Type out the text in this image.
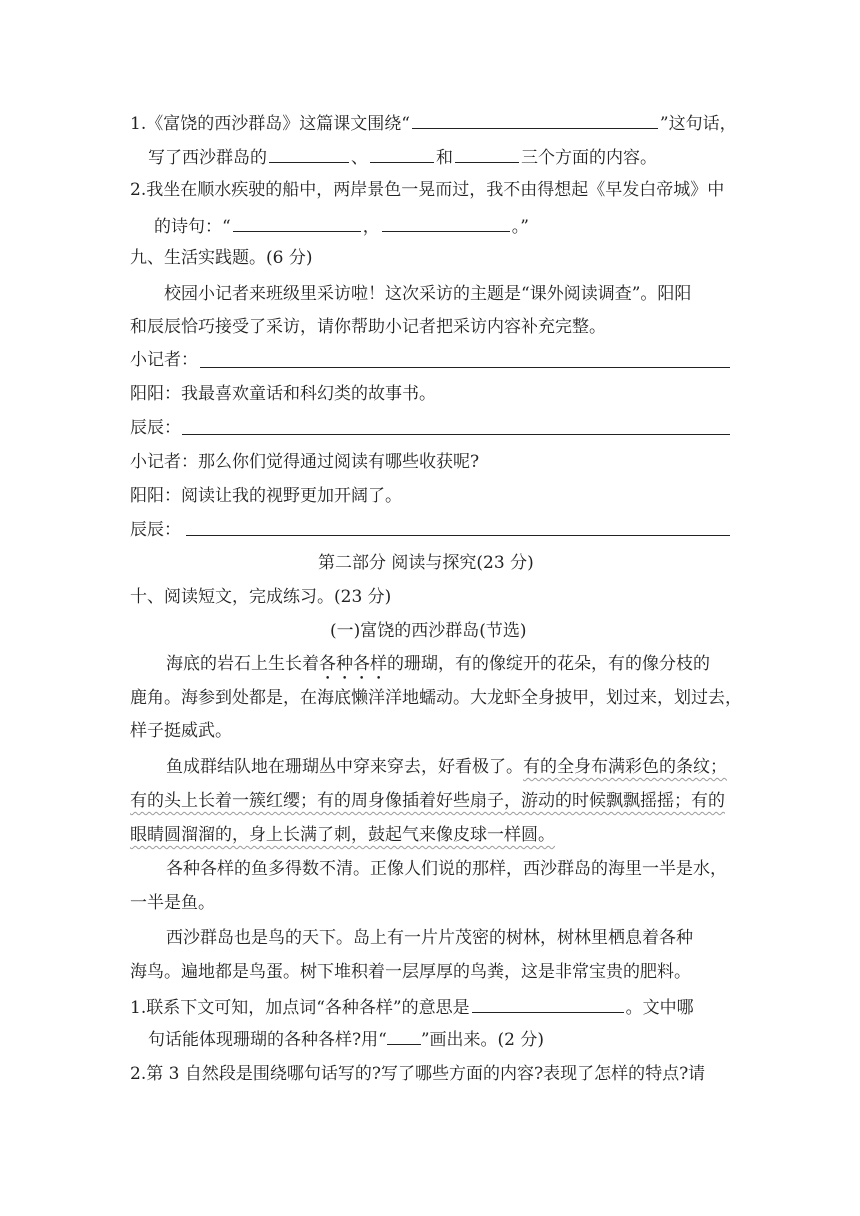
1.《富饶的西沙群岛》这篇课文围绕“	”这句话，
写了西沙群岛的	、	和	三个方面的内容。
2.我坐在顺水疾驶的船中，两岸景色一晃而过，我不由得想起《早发白帝城》中
的诗句：“	，	。”
九、生活实践题。(6 分)
校园小记者来班级里采访啦！这次采访的主题是“课外阅读调查”。阳阳
和辰辰恰巧接受了采访，请你帮助小记者把采访内容补充完整。
小记者：
阳阳：我最喜欢童话和科幻类的故事书。
辰辰：
小记者：那么你们觉得通过阅读有哪些收获呢?
阳阳：阅读让我的视野更加开阔了。
辰辰：
第二部分 阅读与探究(23 分)
十、阅读短文，完成练习。(23 分)
(一)富饶的西沙群岛(节选)
海底的岩石上生长着各种各样的珊瑚，有的像绽开的花朵，有的像分枝的
鹿角。海参到处都是，在海底懒洋洋地蠕动。大龙虾全身披甲，划过来，划过去，
样子挺威武。
鱼成群结队地在珊瑚丛中穿来穿去，好看极了。有的全身布满彩色的条纹；
有的头上长着一簇红缨；有的周身像插着好些扇子，游动的时候飘飘摇摇；有的
眼睛圆溜溜的，身上长满了刺，鼓起气来像皮球一样圆。
各种各样的鱼多得数不清。正像人们说的那样，西沙群岛的海里一半是水，
一半是鱼。
西沙群岛也是鸟的天下。岛上有一片片茂密的树林，树林里栖息着各种
海鸟。遍地都是鸟蛋。树下堆积着一层厚厚的鸟粪，这是非常宝贵的肥料。
1.联系下文可知，加点词“各种各样”的意思是	。文中哪
句话能体现珊瑚的各种各样?用“ ”画出来。(2 分)
2.第 3 自然段是围绕哪句话写的?写了哪些方面的内容?表现了怎样的特点?请
